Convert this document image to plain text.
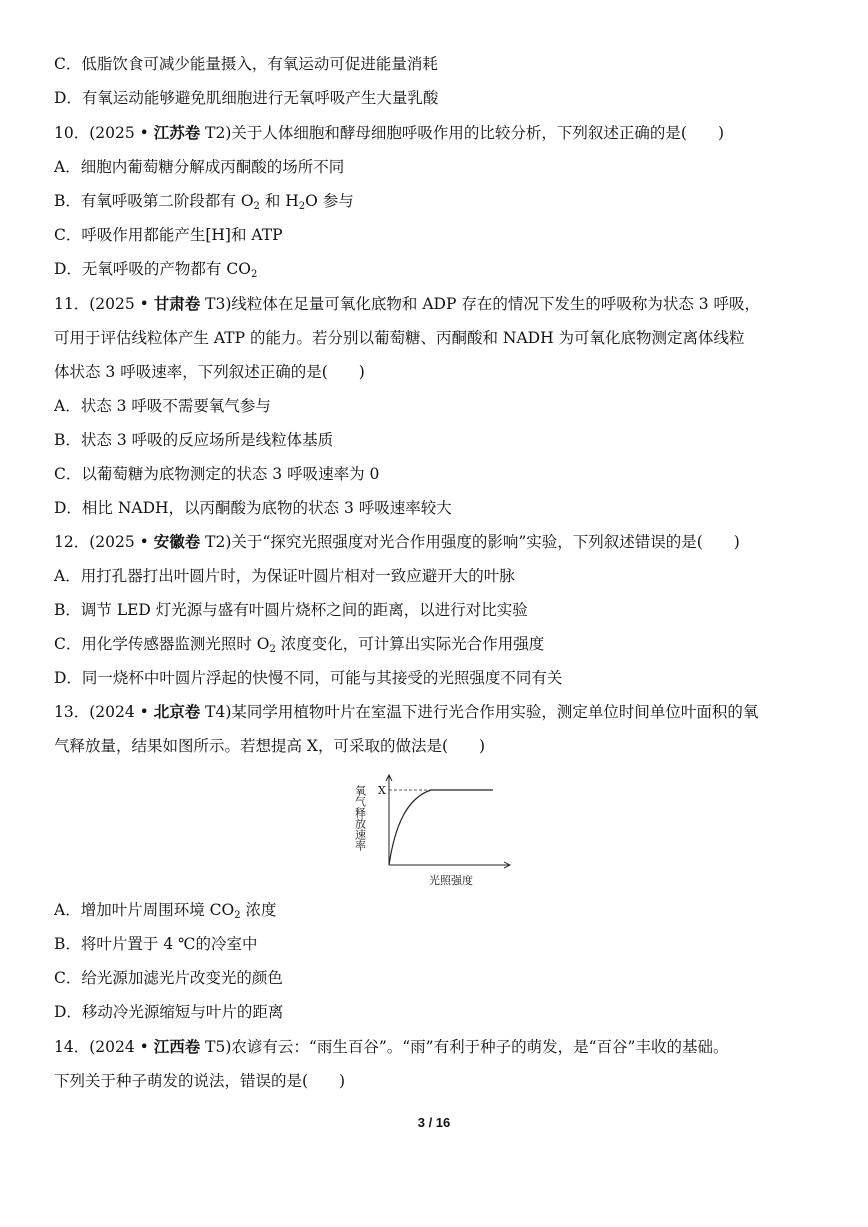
C．低脂饮食可减少能量摄入，有氧运动可促进能量消耗
D．有氧运动能够避免肌细胞进行无氧呼吸产生大量乳酸
10．(2025 • 江苏卷 T2)关于人体细胞和酵母细胞呼吸作用的比较分析，下列叙述正确的是(　　)
A．细胞内葡萄糖分解成丙酮酸的场所不同
B．有氧呼吸第二阶段都有 $O_2$ 和 $H_2O$ 参与
C．呼吸作用都能产生[H]和 ATP
D．无氧呼吸的产物都有 $CO_2$
11．(2025 • 甘肃卷 T3)线粒体在足量可氧化底物和 ADP 存在的情况下发生的呼吸称为状态 3 呼吸，
可用于评估线粒体产生 ATP 的能力。若分别以葡萄糖、丙酮酸和 NADH 为可氧化底物测定离体线粒
体状态 3 呼吸速率，下列叙述正确的是(　　)
A．状态 3 呼吸不需要氧气参与
B．状态 3 呼吸的反应场所是线粒体基质
C．以葡萄糖为底物测定的状态 3 呼吸速率为 0
D．相比 NADH，以丙酮酸为底物的状态 3 呼吸速率较大
12．(2025 • 安徽卷 T2)关于“探究光照强度对光合作用强度的影响”实验，下列叙述错误的是(　　)
A．用打孔器打出叶圆片时，为保证叶圆片相对一致应避开大的叶脉
B．调节 LED 灯光源与盛有叶圆片烧杯之间的距离，以进行对比实验
C．用化学传感器监测光照时 $O_2$ 浓度变化，可计算出实际光合作用强度
D．同一烧杯中叶圆片浮起的快慢不同，可能与其接受的光照强度不同有关
13．(2024 • 北京卷 T4)某同学用植物叶片在室温下进行光合作用实验，测定单位时间单位叶面积的氧
气释放量，结果如图所示。若想提高 X，可采取的做法是(　　)
X
氧气释放速率
光照强度
A．增加叶片周围环境 $CO_2$ 浓度
B．将叶片置于 4 ℃的冷室中
C．给光源加滤光片改变光的颜色
D．移动冷光源缩短与叶片的距离
14．(2024 • 江西卷 T5)农谚有云：“雨生百谷”。“雨”有利于种子的萌发，是“百谷”丰收的基础。
下列关于种子萌发的说法，错误的是(　　)
3 / 16
